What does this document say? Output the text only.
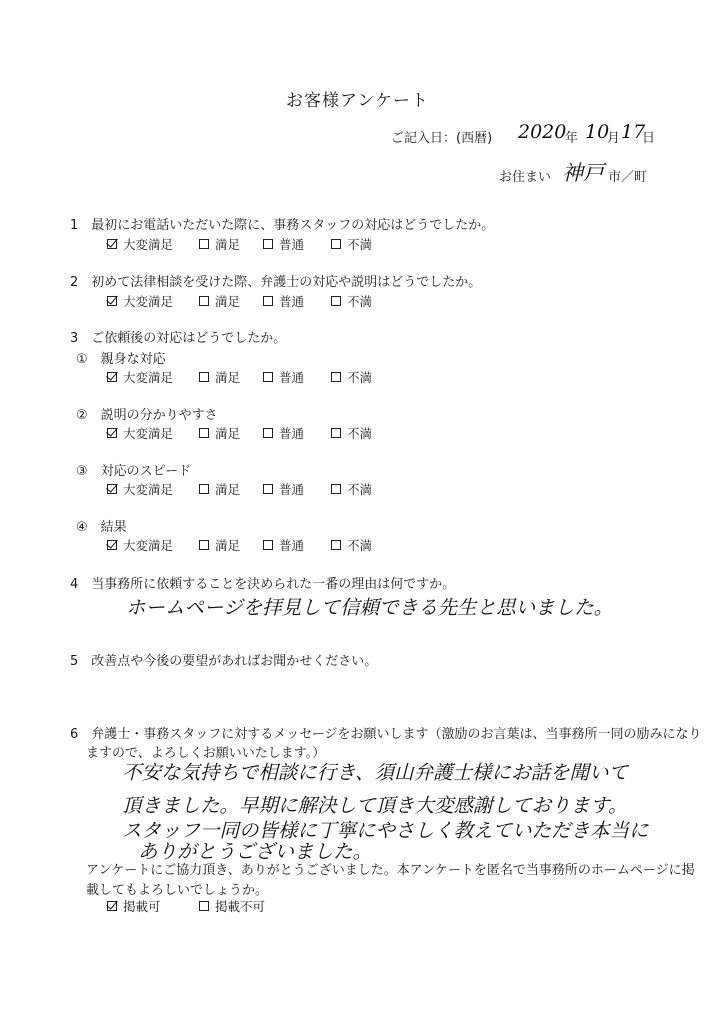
お客様アンケート
ご記入日：(西暦) 2020
年 10
月 17
日
お住まい 神戸 市／町
1　最初にお電話いただいた際に、事務スタッフの対応はどうでしたか。
大変満足	満足	普通	不満
2　初めて法律相談を受けた際、弁護士の対応や説明はどうでしたか。
大変満足	満足	普通	不満
3　ご依頼後の対応はどうでしたか。
①　親身な対応
大変満足	満足	普通	不満
②　説明の分かりやすさ
大変満足	満足	普通	不満
③　対応のスピード
大変満足	満足	普通	不満
④　結果
大変満足	満足	普通	不満
4　当事務所に依頼することを決められた一番の理由は何ですか。
ホームページを拝見して信頼できる先生と思いました。
5　改善点や今後の要望があればお聞かせください。
6　弁護士・事務スタッフに対するメッセージをお願いします（激励のお言葉は、当事務所一同の励みになり
ますので、よろしくお願いいたします。）
不安な気持ちで相談に行き、須山弁護士様にお話を聞いて
頂きました。早期に解決して頂き大変感謝しております。
スタッフ一同の皆様に丁寧にやさしく教えていただき本当に
ありがとうございました。
アンケートにご協力頂き、ありがとうございました。本アンケートを匿名で当事務所のホームページに掲
載してもよろしいでしょうか。
掲載可	掲載不可
